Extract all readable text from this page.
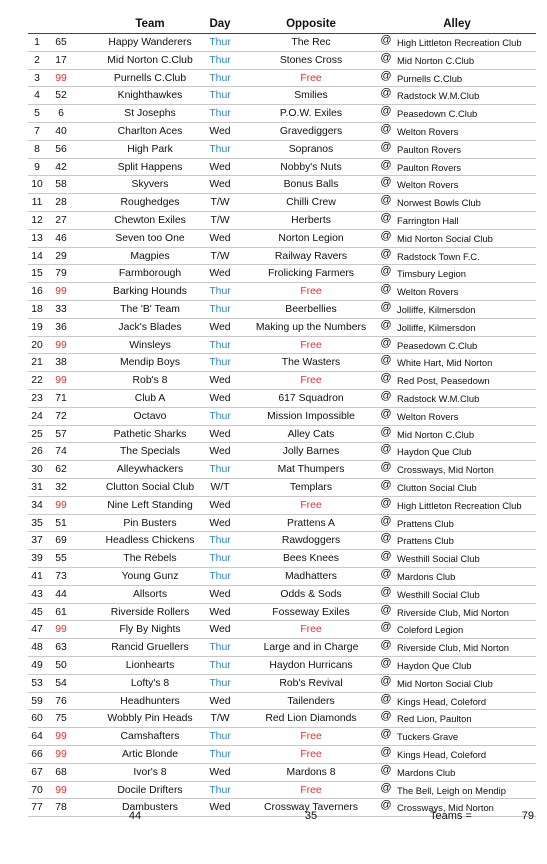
Team	Day	Opposite	Alley
1	65	Happy Wanderers	Thur	The Rec	@ High Littleton Recreation Club
2	17	Mid Norton C.Club	Thur	Stones Cross	@ Mid Norton C.Club
3	99	Purnells C.Club	Thur	Free	@ Purnells C.Club
4	52	Knighthawkes	Thur	Smilies	@ Radstock W.M.Club
5	6	St Josephs	Thur	P.O.W. Exiles	@ Peasedown C.Club
7	40	Charlton Aces	Wed	Gravediggers	@ Welton Rovers
8	56	High Park	Thur	Sopranos	@ Paulton Rovers
9	42	Split Happens	Wed	Nobby's Nuts	@ Paulton Rovers
10	58	Skyvers	Wed	Bonus Balls	@ Welton Rovers
11	28	Roughedges	T/W	Chilli Crew	@ Norwest Bowls Club
12	27	Chewton Exiles	T/W	Herberts	@ Farrington Hall
13	46	Seven too One	Wed	Norton Legion	@ Mid Norton Social Club
14	29	Magpies	T/W	Railway Ravers	@ Radstock Town F.C.
15	79	Farmborough	Wed	Frolicking Farmers	@ Timsbury Legion
16	99	Barking Hounds	Thur	Free	@ Welton Rovers
18	33	The 'B' Team	Thur	Beerbellies	@ Jolliffe, Kilmersdon
19	36	Jack's Blades	Wed	Making up the Numbers	@ Jolliffe, Kilmersdon
20	99	Winsleys	Thur	Free	@ Peasedown C.Club
21	38	Mendip Boys	Thur	The Wasters	@ White Hart, Mid Norton
22	99	Rob's 8	Wed	Free	@ Red Post, Peasedown
23	71	Club A	Wed	617 Squadron	@ Radstock W.M.Club
24	72	Octavo	Thur	Mission Impossible	@ Welton Rovers
25	57	Pathetic Sharks	Wed	Alley Cats	@ Mid Norton C.Club
26	74	The Specials	Wed	Jolly Barnes	@ Haydon Que Club
30	62	Alleywhackers	Thur	Mat Thumpers	@ Crossways, Mid Norton
31	32	Clutton Social Club	W/T	Templars	@ Clutton Social Club
34	99	Nine Left Standing	Wed	Free	@ High Littleton Recreation Club
35	51	Pin Busters	Wed	Prattens A	@ Prattens Club
37	69	Headless Chickens	Thur	Rawdoggers	@ Prattens Club
39	55	The Rebels	Thur	Bees Knees	@ Westhill Social Club
41	73	Young Gunz	Thur	Madhatters	@ Mardons Club
43	44	Allsorts	Wed	Odds & Sods	@ Westhill Social Club
45	61	Riverside Rollers	Wed	Fosseway Exiles	@ Riverside Club, Mid Norton
47	99	Fly By Nights	Wed	Free	@ Coleford Legion
48	63	Rancid Gruellers	Thur	Large and in Charge	@ Riverside Club, Mid Norton
49	50	Lionhearts	Thur	Haydon Hurricans	@ Haydon Que Club
53	54	Lofty's 8	Thur	Rob's Revival	@ Mid Norton Social Club
59	76	Headhunters	Wed	Tailenders	@ Kings Head, Coleford
60	75	Wobbly Pin Heads	T/W	Red Lion Diamonds	@ Red Lion, Paulton
64	99	Camshafters	Thur	Free	@ Tuckers Grave
66	99	Artic Blonde	Thur	Free	@ Kings Head, Coleford
67	68	Ivor's 8	Wed	Mardons 8	@ Mardons Club
70	99	Docile Drifters	Thur	Free	@ The Bell, Leigh on Mendip
77	78	Dambusters	Wed	Crossway Taverners	@ Crossways, Mid Norton
44	35	Teams =	79
